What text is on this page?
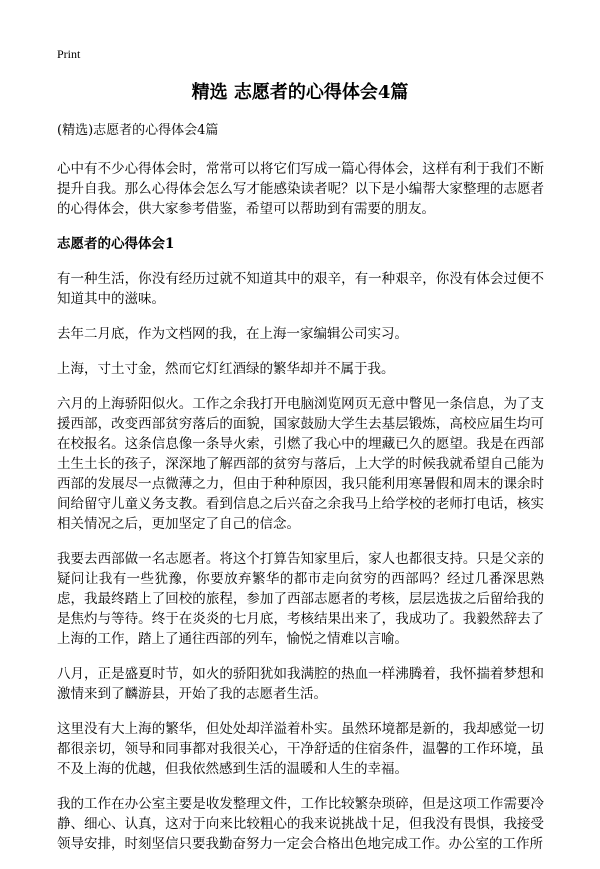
Print
精选 志愿者的心得体会4篇

(精选)志愿者的心得体会4篇

心中有不少心得体会时，常常可以将它们写成一篇心得体会，这样有利于我们不断提升自我。那么心得体会怎么写才能感染读者呢？以下是小编帮大家整理的志愿者的心得体会，供大家参考借鉴，希望可以帮助到有需要的朋友。

志愿者的心得体会1

有一种生活，你没有经历过就不知道其中的艰辛，有一种艰辛，你没有体会过便不知道其中的滋味。

去年二月底，作为文档网的我，在上海一家编辑公司实习。

上海，寸土寸金，然而它灯红酒绿的繁华却并不属于我。

六月的上海骄阳似火。工作之余我打开电脑浏览网页无意中瞥见一条信息，为了支援西部，改变西部贫穷落后的面貌，国家鼓励大学生去基层锻炼，高校应届生均可在校报名。这条信息像一条导火索，引燃了我心中的埋藏已久的愿望。我是在西部土生土长的孩子，深深地了解西部的贫穷与落后，上大学的时候我就希望自己能为西部的发展尽一点微薄之力，但由于种种原因，我只能利用寒暑假和周末的课余时间给留守儿童义务支教。看到信息之后兴奋之余我马上给学校的老师打电话，核实相关情况之后，更加坚定了自己的信念。

我要去西部做一名志愿者。将这个打算告知家里后，家人也都很支持。只是父亲的疑问让我有一些犹豫，你要放弃繁华的都市走向贫穷的西部吗？经过几番深思熟虑，我最终踏上了回校的旅程，参加了西部志愿者的考核，层层选拔之后留给我的是焦灼与等待。终于在炎炎的七月底，考核结果出来了，我成功了。我毅然辞去了上海的工作，踏上了通往西部的列车，愉悦之情难以言喻。

八月，正是盛夏时节，如火的骄阳犹如我满腔的热血一样沸腾着，我怀揣着梦想和激情来到了麟游县，开始了我的志愿者生活。

这里没有大上海的繁华，但处处却洋溢着朴实。虽然环境都是新的，我却感觉一切都很亲切，领导和同事都对我很关心，干净舒适的住宿条件，温馨的工作环境，虽不及上海的优越，但我依然感到生活的温暖和人生的幸福。

我的工作在办公室主要是收发整理文件，工作比较繁杂琐碎，但是这项工作需要冷静、细心、认真，这对于向来比较粗心的我来说挑战十足，但我没有畏惧，我接受领导安排，时刻坚信只要我勤奋努力一定会合格出色地完成工作。办公室的工作所
